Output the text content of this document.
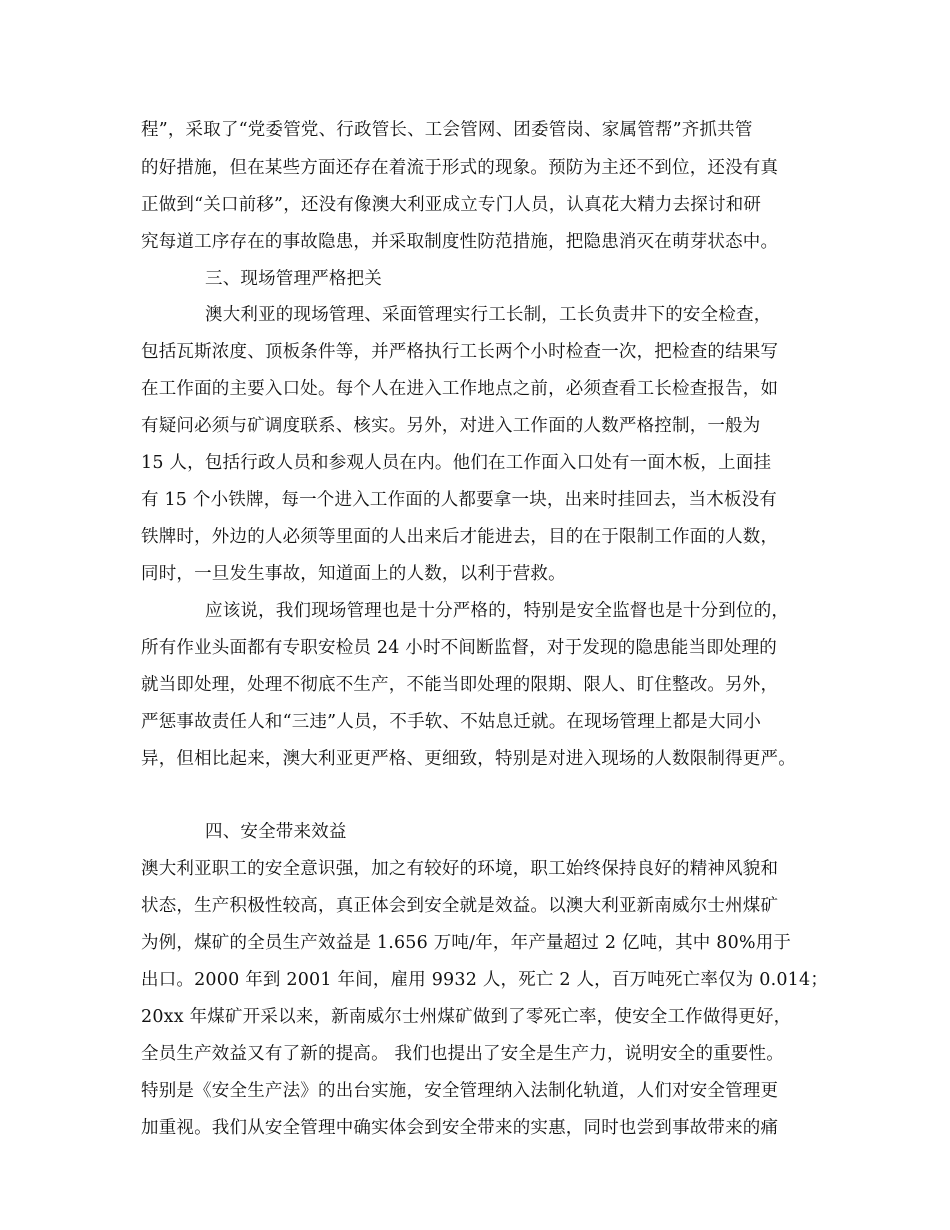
程”，采取了“党委管党、行政管长、工会管网、团委管岗、家属管帮”齐抓共管
的好措施，但在某些方面还存在着流于形式的现象。预防为主还不到位，还没有真
正做到“关口前移”，还没有像澳大利亚成立专门人员，认真花大精力去探讨和研
究每道工序存在的事故隐患，并采取制度性防范措施，把隐患消灭在萌芽状态中。
三、现场管理严格把关
澳大利亚的现场管理、采面管理实行工长制，工长负责井下的安全检查，
包括瓦斯浓度、顶板条件等，并严格执行工长两个小时检查一次，把检查的结果写
在工作面的主要入口处。每个人在进入工作地点之前，必须查看工长检查报告，如
有疑问必须与矿调度联系、核实。另外，对进入工作面的人数严格控制，一般为
15 人，包括行政人员和参观人员在内。他们在工作面入口处有一面木板，上面挂
有 15 个小铁牌，每一个进入工作面的人都要拿一块，出来时挂回去，当木板没有
铁牌时，外边的人必须等里面的人出来后才能进去，目的在于限制工作面的人数，
同时，一旦发生事故，知道面上的人数，以利于营救。
应该说，我们现场管理也是十分严格的，特别是安全监督也是十分到位的，
所有作业头面都有专职安检员 24 小时不间断监督，对于发现的隐患能当即处理的
就当即处理，处理不彻底不生产，不能当即处理的限期、限人、盯住整改。另外，
严惩事故责任人和“三违”人员，不手软、不姑息迁就。在现场管理上都是大同小
异，但相比起来，澳大利亚更严格、更细致，特别是对进入现场的人数限制得更严。
四、安全带来效益
澳大利亚职工的安全意识强，加之有较好的环境，职工始终保持良好的精神风貌和
状态，生产积极性较高，真正体会到安全就是效益。以澳大利亚新南威尔士州煤矿
为例，煤矿的全员生产效益是 1.656 万吨/年，年产量超过 2 亿吨，其中 80%用于
出口。2000 年到 2001 年间，雇用 9932 人，死亡 2 人，百万吨死亡率仅为 0.014；
20xx 年煤矿开采以来，新南威尔士州煤矿做到了零死亡率，使安全工作做得更好，
全员生产效益又有了新的提高。 我们也提出了安全是生产力，说明安全的重要性。
特别是《安全生产法》的出台实施，安全管理纳入法制化轨道，人们对安全管理更
加重视。我们从安全管理中确实体会到安全带来的实惠，同时也尝到事故带来的痛
